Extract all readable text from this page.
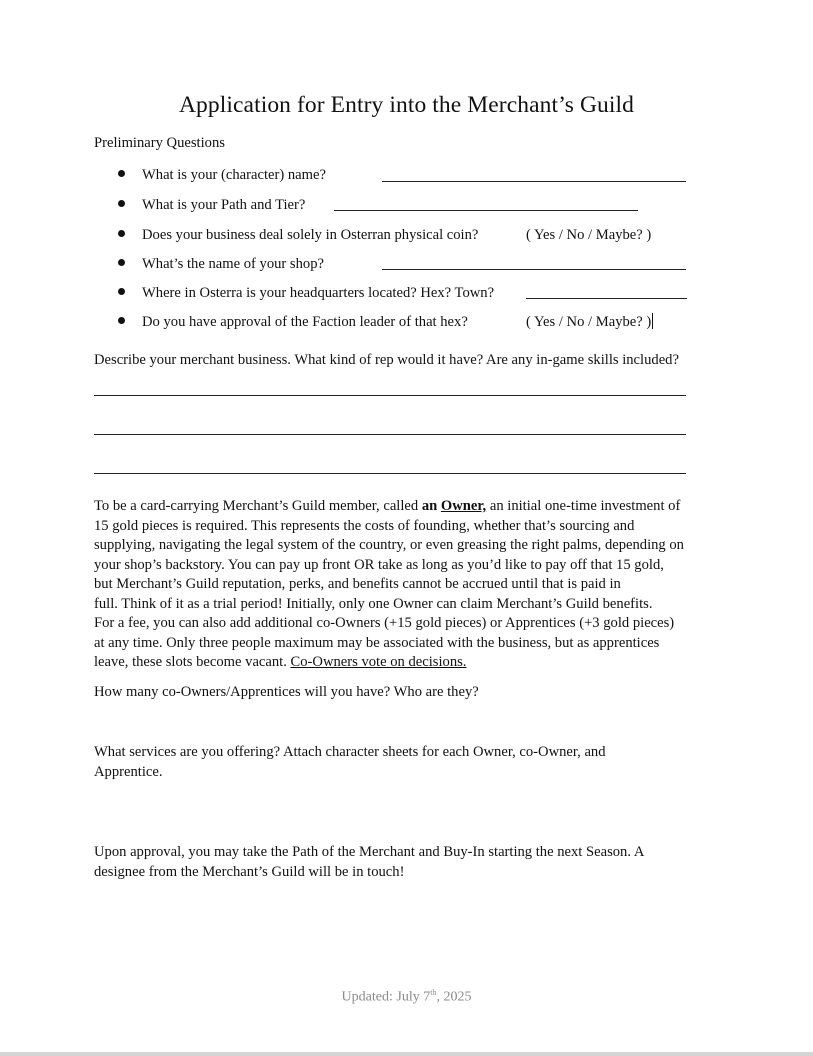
Application for Entry into the Merchant’s Guild
Preliminary Questions
What is your (character) name?
What is your Path and Tier?
Does your business deal solely in Osterran physical coin?	( Yes / No / Maybe? )
What’s the name of your shop?
Where in Osterra is your headquarters located? Hex? Town?
Do you have approval of the Faction leader of that hex?	( Yes / No / Maybe? )
Describe your merchant business. What kind of rep would it have? Are any in-game skills included?
To be a card-carrying Merchant’s Guild member, called an Owner, an initial one-time investment of
15 gold pieces is required. This represents the costs of founding, whether that’s sourcing and
supplying, navigating the legal system of the country, or even greasing the right palms, depending on
your shop’s backstory. You can pay up front OR take as long as you’d like to pay off that 15 gold,
but Merchant’s Guild reputation, perks, and benefits cannot be accrued until that is paid in
full. Think of it as a trial period! Initially, only one Owner can claim Merchant’s Guild benefits.
For a fee, you can also add additional co-Owners (+15 gold pieces) or Apprentices (+3 gold pieces)
at any time. Only three people maximum may be associated with the business, but as apprentices
leave, these slots become vacant. Co-Owners vote on decisions.
How many co-Owners/Apprentices will you have? Who are they?
What services are you offering? Attach character sheets for each Owner, co-Owner, and
Apprentice.
Upon approval, you may take the Path of the Merchant and Buy-In starting the next Season. A
designee from the Merchant’s Guild will be in touch!
Updated: July 7th, 2025
